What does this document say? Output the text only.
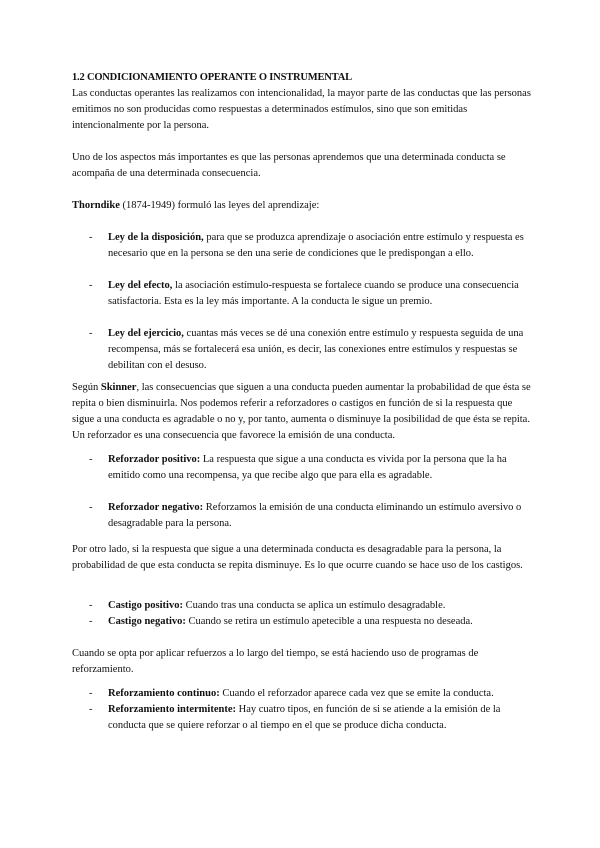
1.2 CONDICIONAMIENTO OPERANTE O INSTRUMENTAL

Las conductas operantes las realizamos con intencionalidad, la mayor parte de las conductas que las personas emitimos no son producidas como respuestas a determinados estímulos, sino que son emitidas intencionalmente por la persona.

Uno de los aspectos más importantes es que las personas aprendemos que una determinada conducta se acompaña de una determinada consecuencia.

Thorndike (1874-1949) formuló las leyes del aprendizaje:

- Ley de la disposición, para que se produzca aprendizaje o asociación entre estímulo y respuesta es necesario que en la persona se den una serie de condiciones que le predispongan a ello.
- Ley del efecto, la asociación estímulo-respuesta se fortalece cuando se produce una consecuencia satisfactoria. Esta es la ley más importante. A la conducta le sigue un premio.
- Ley del ejercicio, cuantas más veces se dé una conexión entre estímulo y respuesta seguida de una recompensa, más se fortalecerá esa unión, es decir, las conexiones entre estímulos y respuestas se debilitan con el desuso.

Según Skinner, las consecuencias que siguen a una conducta pueden aumentar la probabilidad de que ésta se repita o bien disminuirla. Nos podemos referir a reforzadores o castigos en función de si la respuesta que sigue a una conducta es agradable o no y, por tanto, aumenta o disminuye la posibilidad de que ésta se repita. Un reforzador es una consecuencia que favorece la emisión de una conducta.

- Reforzador positivo: La respuesta que sigue a una conducta es vivida por la persona que la ha emitido como una recompensa, ya que recibe algo que para ella es agradable.
- Reforzador negativo: Reforzamos la emisión de una conducta eliminando un estímulo aversivo o desagradable para la persona.

Por otro lado, si la respuesta que sigue a una determinada conducta es desagradable para la persona, la probabilidad de que esta conducta se repita disminuye. Es lo que ocurre cuando se hace uso de los castigos.

- Castigo positivo: Cuando tras una conducta se aplica un estímulo desagradable.
- Castigo negativo: Cuando se retira un estímulo apetecible a una respuesta no deseada.

Cuando se opta por aplicar refuerzos a lo largo del tiempo, se está haciendo uso de programas de reforzamiento.

- Reforzamiento continuo: Cuando el reforzador aparece cada vez que se emite la conducta.
- Reforzamiento intermitente: Hay cuatro tipos, en función de si se atiende a la emisión de la conducta que se quiere reforzar o al tiempo en el que se produce dicha conducta.
